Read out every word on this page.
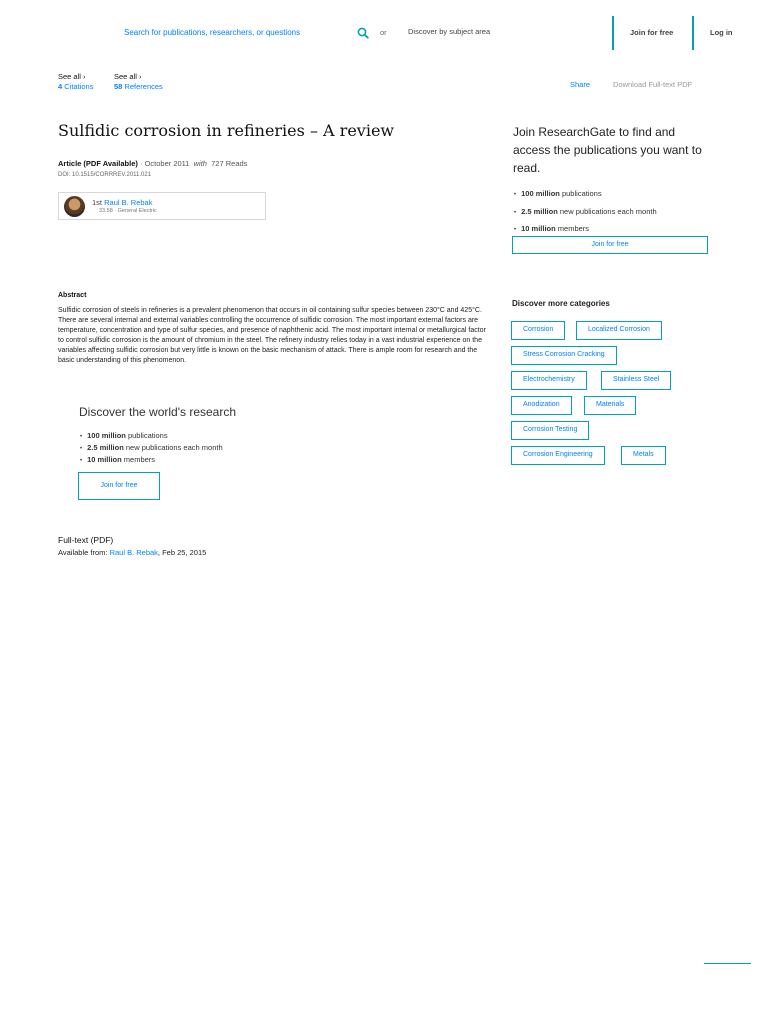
Search for publications, researchers, or questions	or	Discover by subject area	Join for free	Log in
See all ›
4 Citations
See all ›
58 References	Share	Download Full-text PDF
Sulfidic corrosion in refineries – A review
Article (PDF Available) · October 2011 with 727 Reads
DOI: 10.1515/CORRREV.2011.021
1st Raul B. Rebak
33.58 · General Electric
Abstract
Sulfidic corrosion of steels in refineries is a prevalent phenomenon that occurs in oil containing sulfur species between 230°C and 425°C. There are several internal and external variables controlling the occurrence of sulfidic corrosion. The most important external factors are temperature, concentration and type of sulfur species, and presence of naphthenic acid. The most important internal or metallurgical factor to control sulfidic corrosion is the amount of chromium in the steel. The refinery industry relies today in a vast industrial experience on the variables affecting sulfidic corrosion but very little is known on the basic mechanism of attack. There is ample room for research and the basic understanding of this phenomenon.
Discover the world's research
• 100 million publications
• 2.5 million new publications each month
• 10 million members
Join for free
Full-text (PDF)
Available from: Raul B. Rebak, Feb 25, 2015
Join ResearchGate to find and access the publications you want to read.
• 100 million publications
• 2.5 million new publications each month
• 10 million members
Join for free
Discover more categories
Corrosion	Localized Corrosion
Stress Corrosion Cracking
Electrochemistry	Stainless Steel
Anodization	Materials
Corrosion Testing
Corrosion Engineering	Metals
